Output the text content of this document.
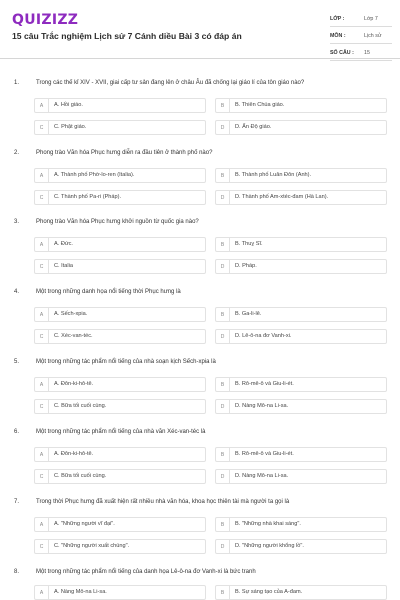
QUIZIZZ
15 câu Trắc nghiệm Lịch sử 7 Cánh diều Bài 3 có đáp án
LỚP :	Lớp 7
MÔN :	Lịch sử
SỐ CÂU :	15
1.	Trong các thế kỉ XIV - XVII, giai cấp tư sản đang lên ở châu Âu đã chống lại giáo lí của tôn giáo nào?
A	A. Hồi giáo.	B	B. Thiên Chúa giáo.
C	C. Phật giáo.	D	D. Ấn Độ giáo.
2.	Phong trào Văn hóa Phục hưng diễn ra đầu tiên ở thành phố nào?
A	A. Thành phố Phờ-lo-ren (Italia).	B	B. Thành phố Luân Đôn (Anh).
C	C. Thành phố Pa-ri (Pháp).	D	D. Thành phố Am-xtéc-đam (Hà Lan).
3.	Phong trào Văn hóa Phục hưng khởi nguồn từ quốc gia nào?
A	A. Đức.	B	B. Thuỵ Sĩ.
C	C. Italia	D	D. Pháp.
4.	Một trong những danh họa nổi tiếng thời Phục hưng là
A	A. Sếch-xpia.	B	B. Ga-li-lê.
C	C. Xéc-van-téc.	D	D. Lê-ô-na đơ Vanh-xi.
5.	Một trong những tác phẩm nổi tiếng của nhà soạn kịch Sếch-xpia là
A	A. Đôn-ki-hô-tê.	B	B. Rô-mê-ô và Giu-li-ét.
C	C. Bữa tối cuối cùng.	D	D. Nàng Mô-na Li-sa.
6.	Một trong những tác phẩm nổi tiếng của nhà văn Xéc-van-téc là
A	A. Đôn-ki-hô-tê.	B	B. Rô-mê-ô và Giu-li-ét.
C	C. Bữa tối cuối cùng.	D	D. Nàng Mô-na Li-sa.
7.	Trong thời Phục hưng đã xuất hiện rất nhiều nhà văn hóa, khoa học thiên tài mà người ta gọi là
A	A. "Những người vĩ đại".	B	B. "Những nhà khai sáng".
C	C. "Những người xuất chúng".	D	D. "Những người khổng lồ".
8.	Một trong những tác phẩm nổi tiếng của danh họa Lê-ô-na đơ Vanh-xi là bức tranh
A	A. Nàng Mô-na Li-sa.	B	B. Sự sáng tạo của A-đam.
